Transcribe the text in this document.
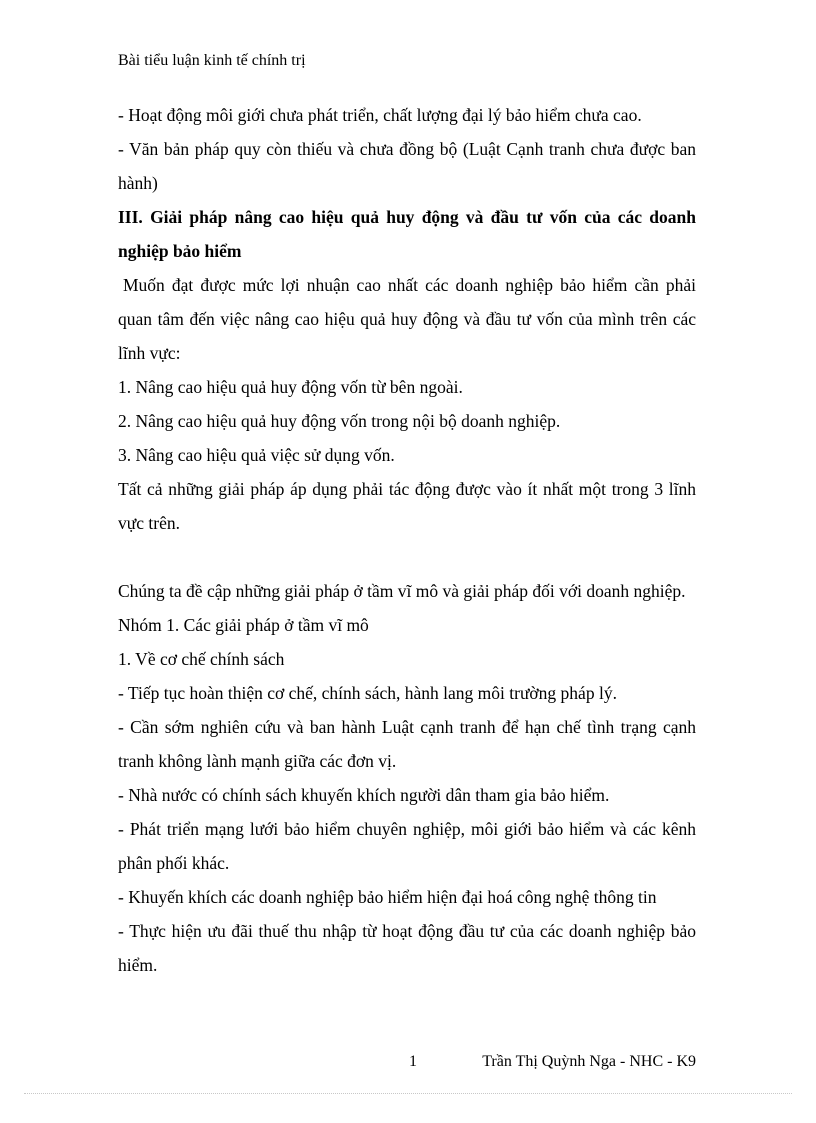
Bài tiểu luận kinh tế chính trị

- Hoạt động môi giới chưa phát triển, chất lượng đại lý bảo hiểm chưa cao.

- Văn bản pháp quy còn thiếu và chưa đồng bộ (Luật Cạnh tranh chưa được ban hành)

III. Giải pháp nâng cao hiệu quả huy động và đầu tư vốn của các doanh nghiệp bảo hiểm

Muốn đạt được mức lợi nhuận cao nhất các doanh nghiệp bảo hiểm cần phải quan tâm đến việc nâng cao hiệu quả huy động và đầu tư vốn của mình trên các lĩnh vực:

1. Nâng cao hiệu quả huy động vốn từ bên ngoài.

2. Nâng cao hiệu quả huy động vốn trong nội bộ doanh nghiệp.

3. Nâng cao hiệu quả việc sử dụng vốn.

Tất cả những giải pháp áp dụng phải tác động được vào ít nhất một trong 3 lĩnh vực trên.

Chúng ta đề cập những giải pháp ở tầm vĩ mô và giải pháp đối với doanh nghiệp.

Nhóm 1. Các giải pháp ở tầm vĩ mô

1. Về cơ chế chính sách

- Tiếp tục hoàn thiện cơ chế, chính sách, hành lang môi trường pháp lý.

- Cần sớm nghiên cứu và ban hành Luật cạnh tranh để hạn chế tình trạng cạnh tranh không lành mạnh giữa các đơn vị.

- Nhà nước có chính sách khuyến khích người dân tham gia bảo hiểm.

- Phát triển mạng lưới bảo hiểm chuyên nghiệp, môi giới bảo hiểm và các kênh phân phối khác.

- Khuyến khích các doanh nghiệp bảo hiểm hiện đại hoá công nghệ thông tin

- Thực hiện ưu đãi thuế thu nhập từ hoạt động đầu tư của các doanh nghiệp bảo hiểm.

1	Trần Thị Quỳnh Nga - NHC - K9
